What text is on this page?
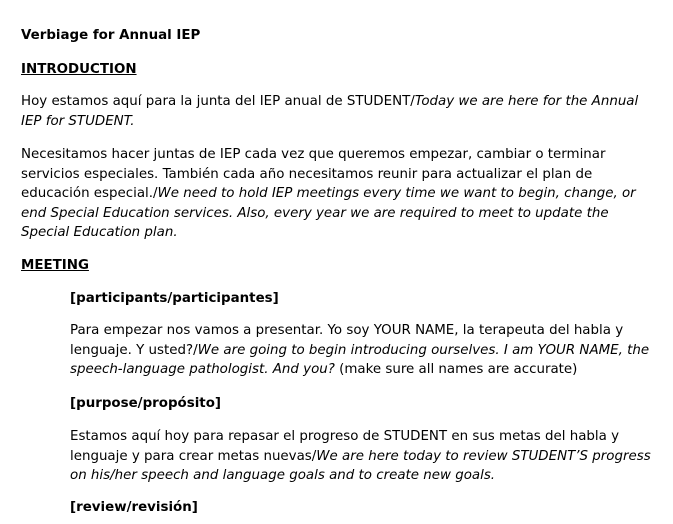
Verbiage for Annual IEP

INTRODUCTION

Hoy estamos aquí para la junta del IEP anual de STUDENT/Today we are here for the Annual IEP for STUDENT.

Necesitamos hacer juntas de IEP cada vez que queremos empezar, cambiar o terminar servicios especiales. También cada año necesitamos reunir para actualizar el plan de educación especial./We need to hold IEP meetings every time we want to begin, change, or end Special Education services. Also, every year we are required to meet to update the Special Education plan.

MEETING

[participants/participantes]

Para empezar nos vamos a presentar. Yo soy YOUR NAME, la terapeuta del habla y lenguaje. Y usted?/We are going to begin introducing ourselves. I am YOUR NAME, the speech-language pathologist. And you? (make sure all names are accurate)

[purpose/propósito]

Estamos aquí hoy para repasar el progreso de STUDENT en sus metas del habla y lenguaje y para crear metas nuevas/We are here today to review STUDENT’S progress on his/her speech and language goals and to create new goals.

[review/revisión]
